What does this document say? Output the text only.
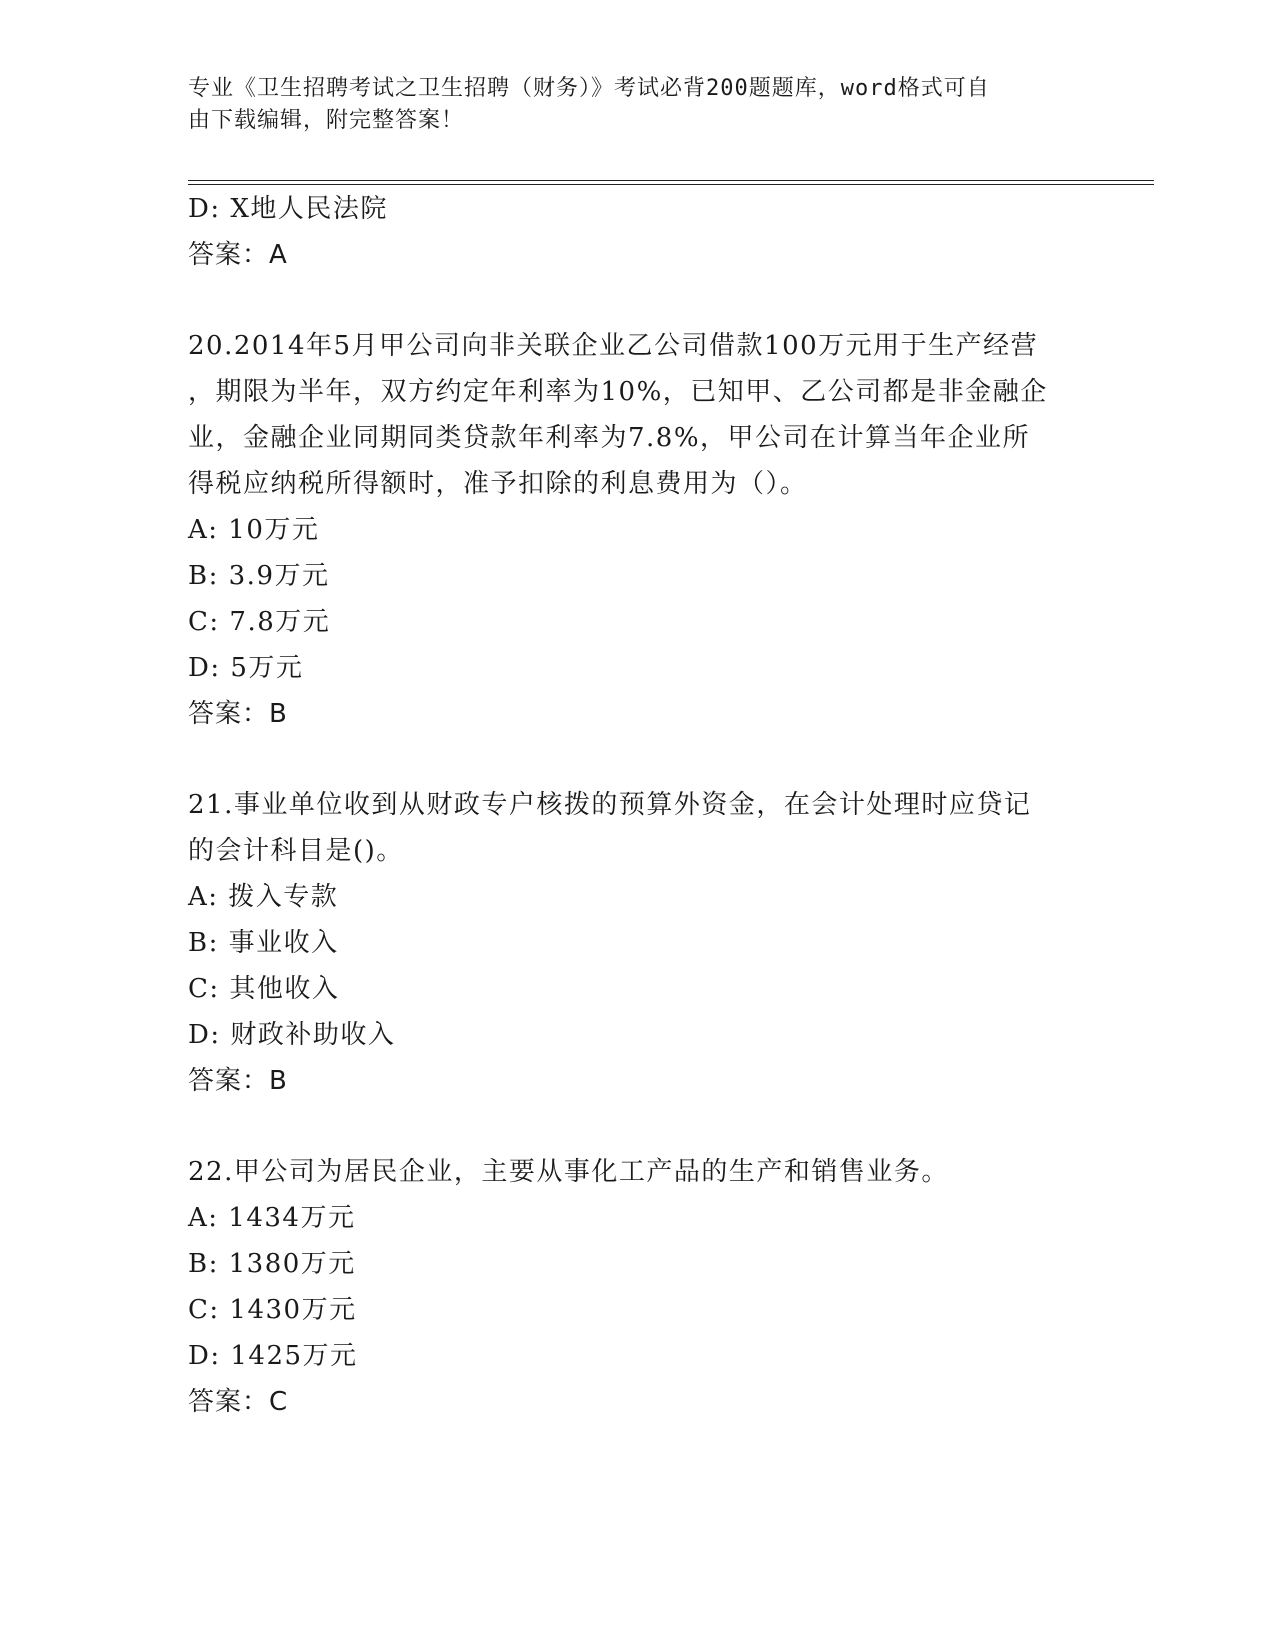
专业《卫生招聘考试之卫生招聘（财务）》考试必背200题题库，word格式可自
由下载编辑，附完整答案！
D: X地人民法院
答案：A
20.2014年5月甲公司向非关联企业乙公司借款100万元用于生产经营
，期限为半年，双方约定年利率为10%，已知甲、乙公司都是非金融企
业，金融企业同期同类贷款年利率为7.8%，甲公司在计算当年企业所
得税应纳税所得额时，准予扣除的利息费用为（）。
A: 10万元
B: 3.9万元
C: 7.8万元
D: 5万元
答案：B
21.事业单位收到从财政专户核拨的预算外资金，在会计处理时应贷记
的会计科目是()。
A: 拨入专款
B: 事业收入
C: 其他收入
D: 财政补助收入
答案：B
22.甲公司为居民企业，主要从事化工产品的生产和销售业务。
A: 1434万元
B: 1380万元
C: 1430万元
D: 1425万元
答案：C
